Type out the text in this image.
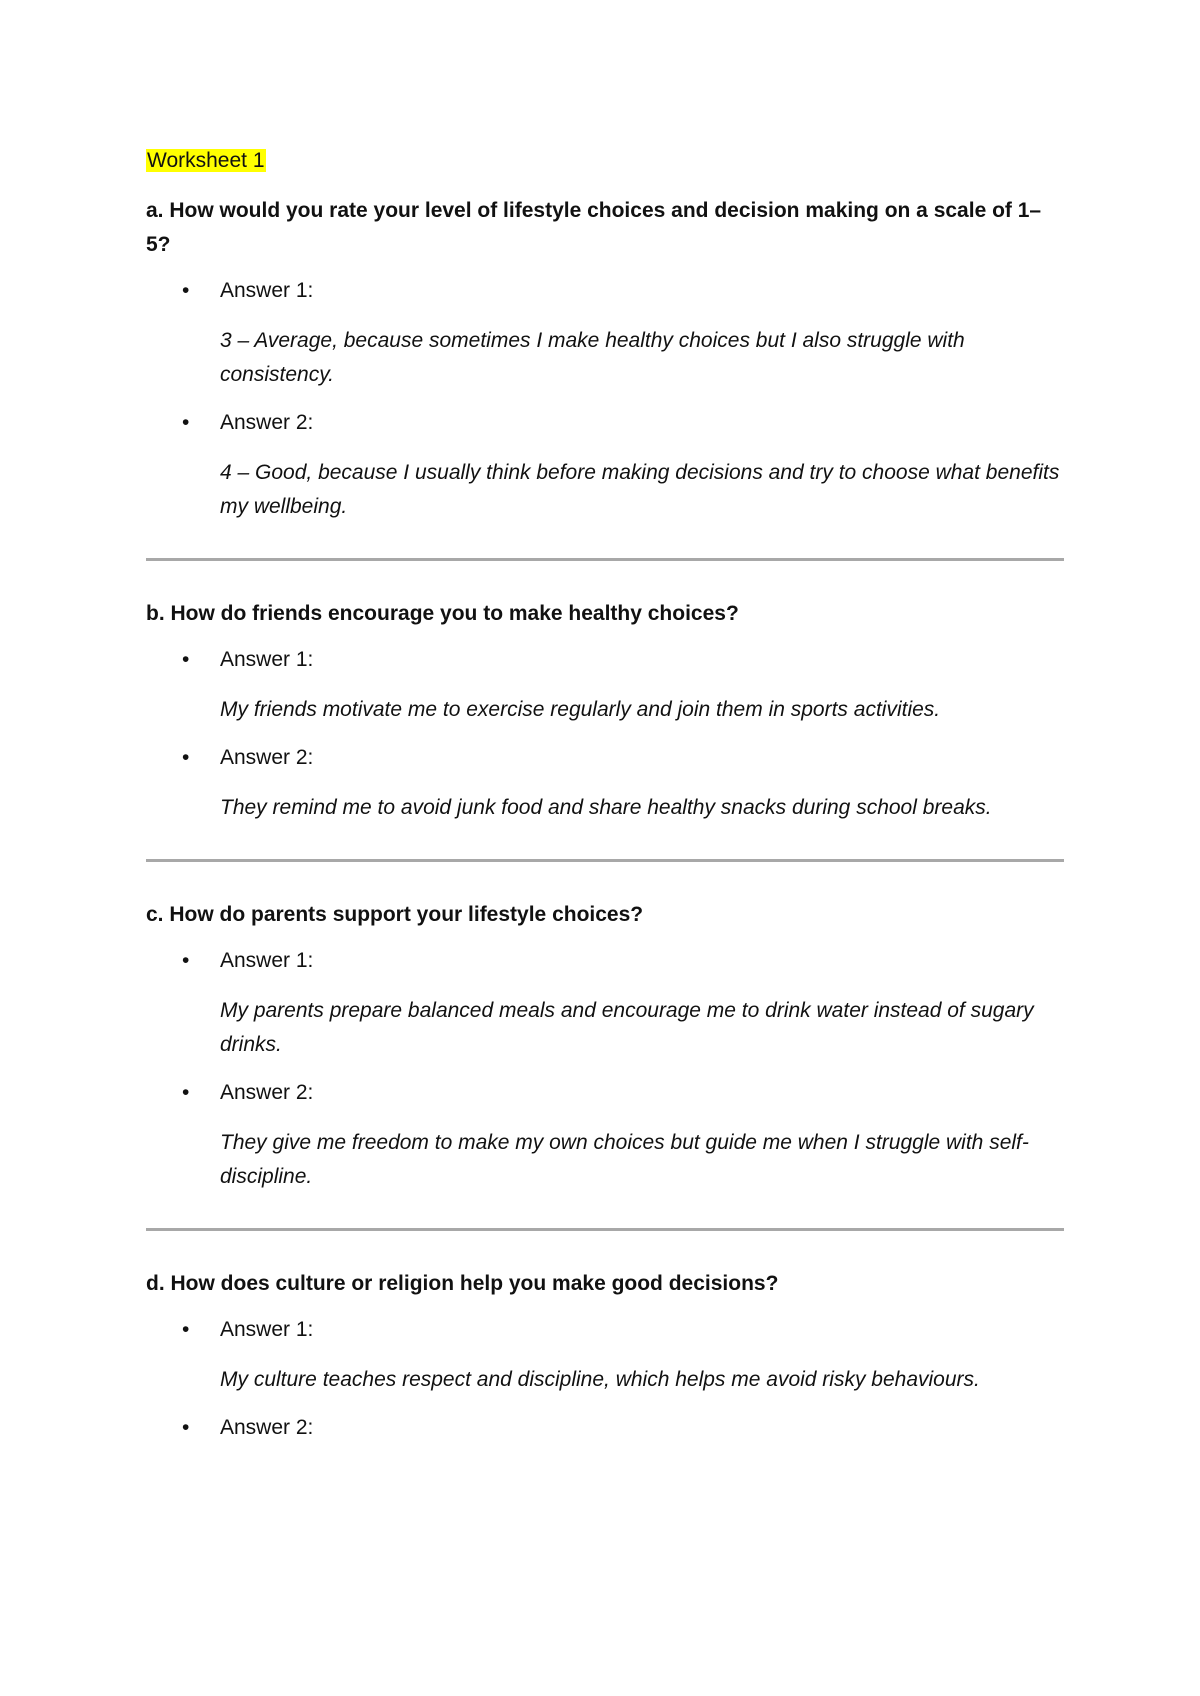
Worksheet 1

a. How would you rate your level of lifestyle choices and decision making on a scale of 1–5?

• Answer 1:

3 – Average, because sometimes I make healthy choices but I also struggle with consistency.

• Answer 2:

4 – Good, because I usually think before making decisions and try to choose what benefits my wellbeing.

b. How do friends encourage you to make healthy choices?

• Answer 1:

My friends motivate me to exercise regularly and join them in sports activities.

• Answer 2:

They remind me to avoid junk food and share healthy snacks during school breaks.

c. How do parents support your lifestyle choices?

• Answer 1:

My parents prepare balanced meals and encourage me to drink water instead of sugary drinks.

• Answer 2:

They give me freedom to make my own choices but guide me when I struggle with self-discipline.

d. How does culture or religion help you make good decisions?

• Answer 1:

My culture teaches respect and discipline, which helps me avoid risky behaviours.

• Answer 2:
